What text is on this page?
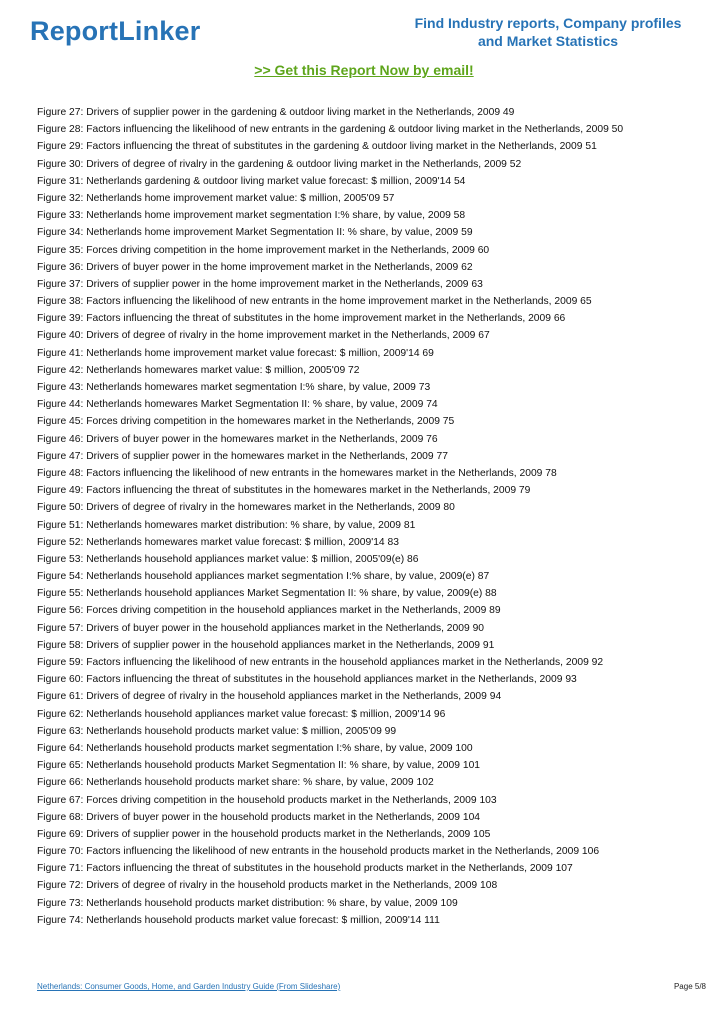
ReportLinker	Find Industry reports, Company profiles
and Market Statistics
>> Get this Report Now by email!
Figure 27: Drivers of supplier power in the gardening & outdoor living market in the Netherlands, 2009 49
Figure 28: Factors influencing the likelihood of new entrants in the gardening & outdoor living market in the Netherlands, 2009 50
Figure 29: Factors influencing the threat of substitutes in the gardening & outdoor living market in the Netherlands, 2009 51
Figure 30: Drivers of degree of rivalry in the gardening & outdoor living market in the Netherlands, 2009 52
Figure 31: Netherlands gardening & outdoor living market value forecast: $ million, 2009'14 54
Figure 32: Netherlands home improvement market value: $ million, 2005'09 57
Figure 33: Netherlands home improvement market segmentation I:% share, by value, 2009 58
Figure 34: Netherlands home improvement Market Segmentation II: % share, by value, 2009 59
Figure 35: Forces driving competition in the home improvement market in the Netherlands, 2009 60
Figure 36: Drivers of buyer power in the home improvement market in the Netherlands, 2009 62
Figure 37: Drivers of supplier power in the home improvement market in the Netherlands, 2009 63
Figure 38: Factors influencing the likelihood of new entrants in the home improvement market in the Netherlands, 2009 65
Figure 39: Factors influencing the threat of substitutes in the home improvement market in the Netherlands, 2009 66
Figure 40: Drivers of degree of rivalry in the home improvement market in the Netherlands, 2009 67
Figure 41: Netherlands home improvement market value forecast: $ million, 2009'14 69
Figure 42: Netherlands homewares market value: $ million, 2005'09 72
Figure 43: Netherlands homewares market segmentation I:% share, by value, 2009 73
Figure 44: Netherlands homewares Market Segmentation II: % share, by value, 2009 74
Figure 45: Forces driving competition in the homewares market in the Netherlands, 2009 75
Figure 46: Drivers of buyer power in the homewares market in the Netherlands, 2009 76
Figure 47: Drivers of supplier power in the homewares market in the Netherlands, 2009 77
Figure 48: Factors influencing the likelihood of new entrants in the homewares market in the Netherlands, 2009 78
Figure 49: Factors influencing the threat of substitutes in the homewares market in the Netherlands, 2009 79
Figure 50: Drivers of degree of rivalry in the homewares market in the Netherlands, 2009 80
Figure 51: Netherlands homewares market distribution: % share, by value, 2009 81
Figure 52: Netherlands homewares market value forecast: $ million, 2009'14 83
Figure 53: Netherlands household appliances market value: $ million, 2005'09(e) 86
Figure 54: Netherlands household appliances market segmentation I:% share, by value, 2009(e) 87
Figure 55: Netherlands household appliances Market Segmentation II: % share, by value, 2009(e) 88
Figure 56: Forces driving competition in the household appliances market in the Netherlands, 2009 89
Figure 57: Drivers of buyer power in the household appliances market in the Netherlands, 2009 90
Figure 58: Drivers of supplier power in the household appliances market in the Netherlands, 2009 91
Figure 59: Factors influencing the likelihood of new entrants in the household appliances market in the Netherlands, 2009 92
Figure 60: Factors influencing the threat of substitutes in the household appliances market in the Netherlands, 2009 93
Figure 61: Drivers of degree of rivalry in the household appliances market in the Netherlands, 2009 94
Figure 62: Netherlands household appliances market value forecast: $ million, 2009'14 96
Figure 63: Netherlands household products market value: $ million, 2005'09 99
Figure 64: Netherlands household products market segmentation I:% share, by value, 2009 100
Figure 65: Netherlands household products Market Segmentation II: % share, by value, 2009 101
Figure 66: Netherlands household products market share: % share, by value, 2009 102
Figure 67: Forces driving competition in the household products market in the Netherlands, 2009 103
Figure 68: Drivers of buyer power in the household products market in the Netherlands, 2009 104
Figure 69: Drivers of supplier power in the household products market in the Netherlands, 2009 105
Figure 70: Factors influencing the likelihood of new entrants in the household products market in the Netherlands, 2009 106
Figure 71: Factors influencing the threat of substitutes in the household products market in the Netherlands, 2009 107
Figure 72: Drivers of degree of rivalry in the household products market in the Netherlands, 2009 108
Figure 73: Netherlands household products market distribution: % share, by value, 2009 109
Figure 74: Netherlands household products market value forecast: $ million, 2009'14 111
Netherlands: Consumer Goods, Home, and Garden Industry Guide (From Slideshare)	Page 5/8
